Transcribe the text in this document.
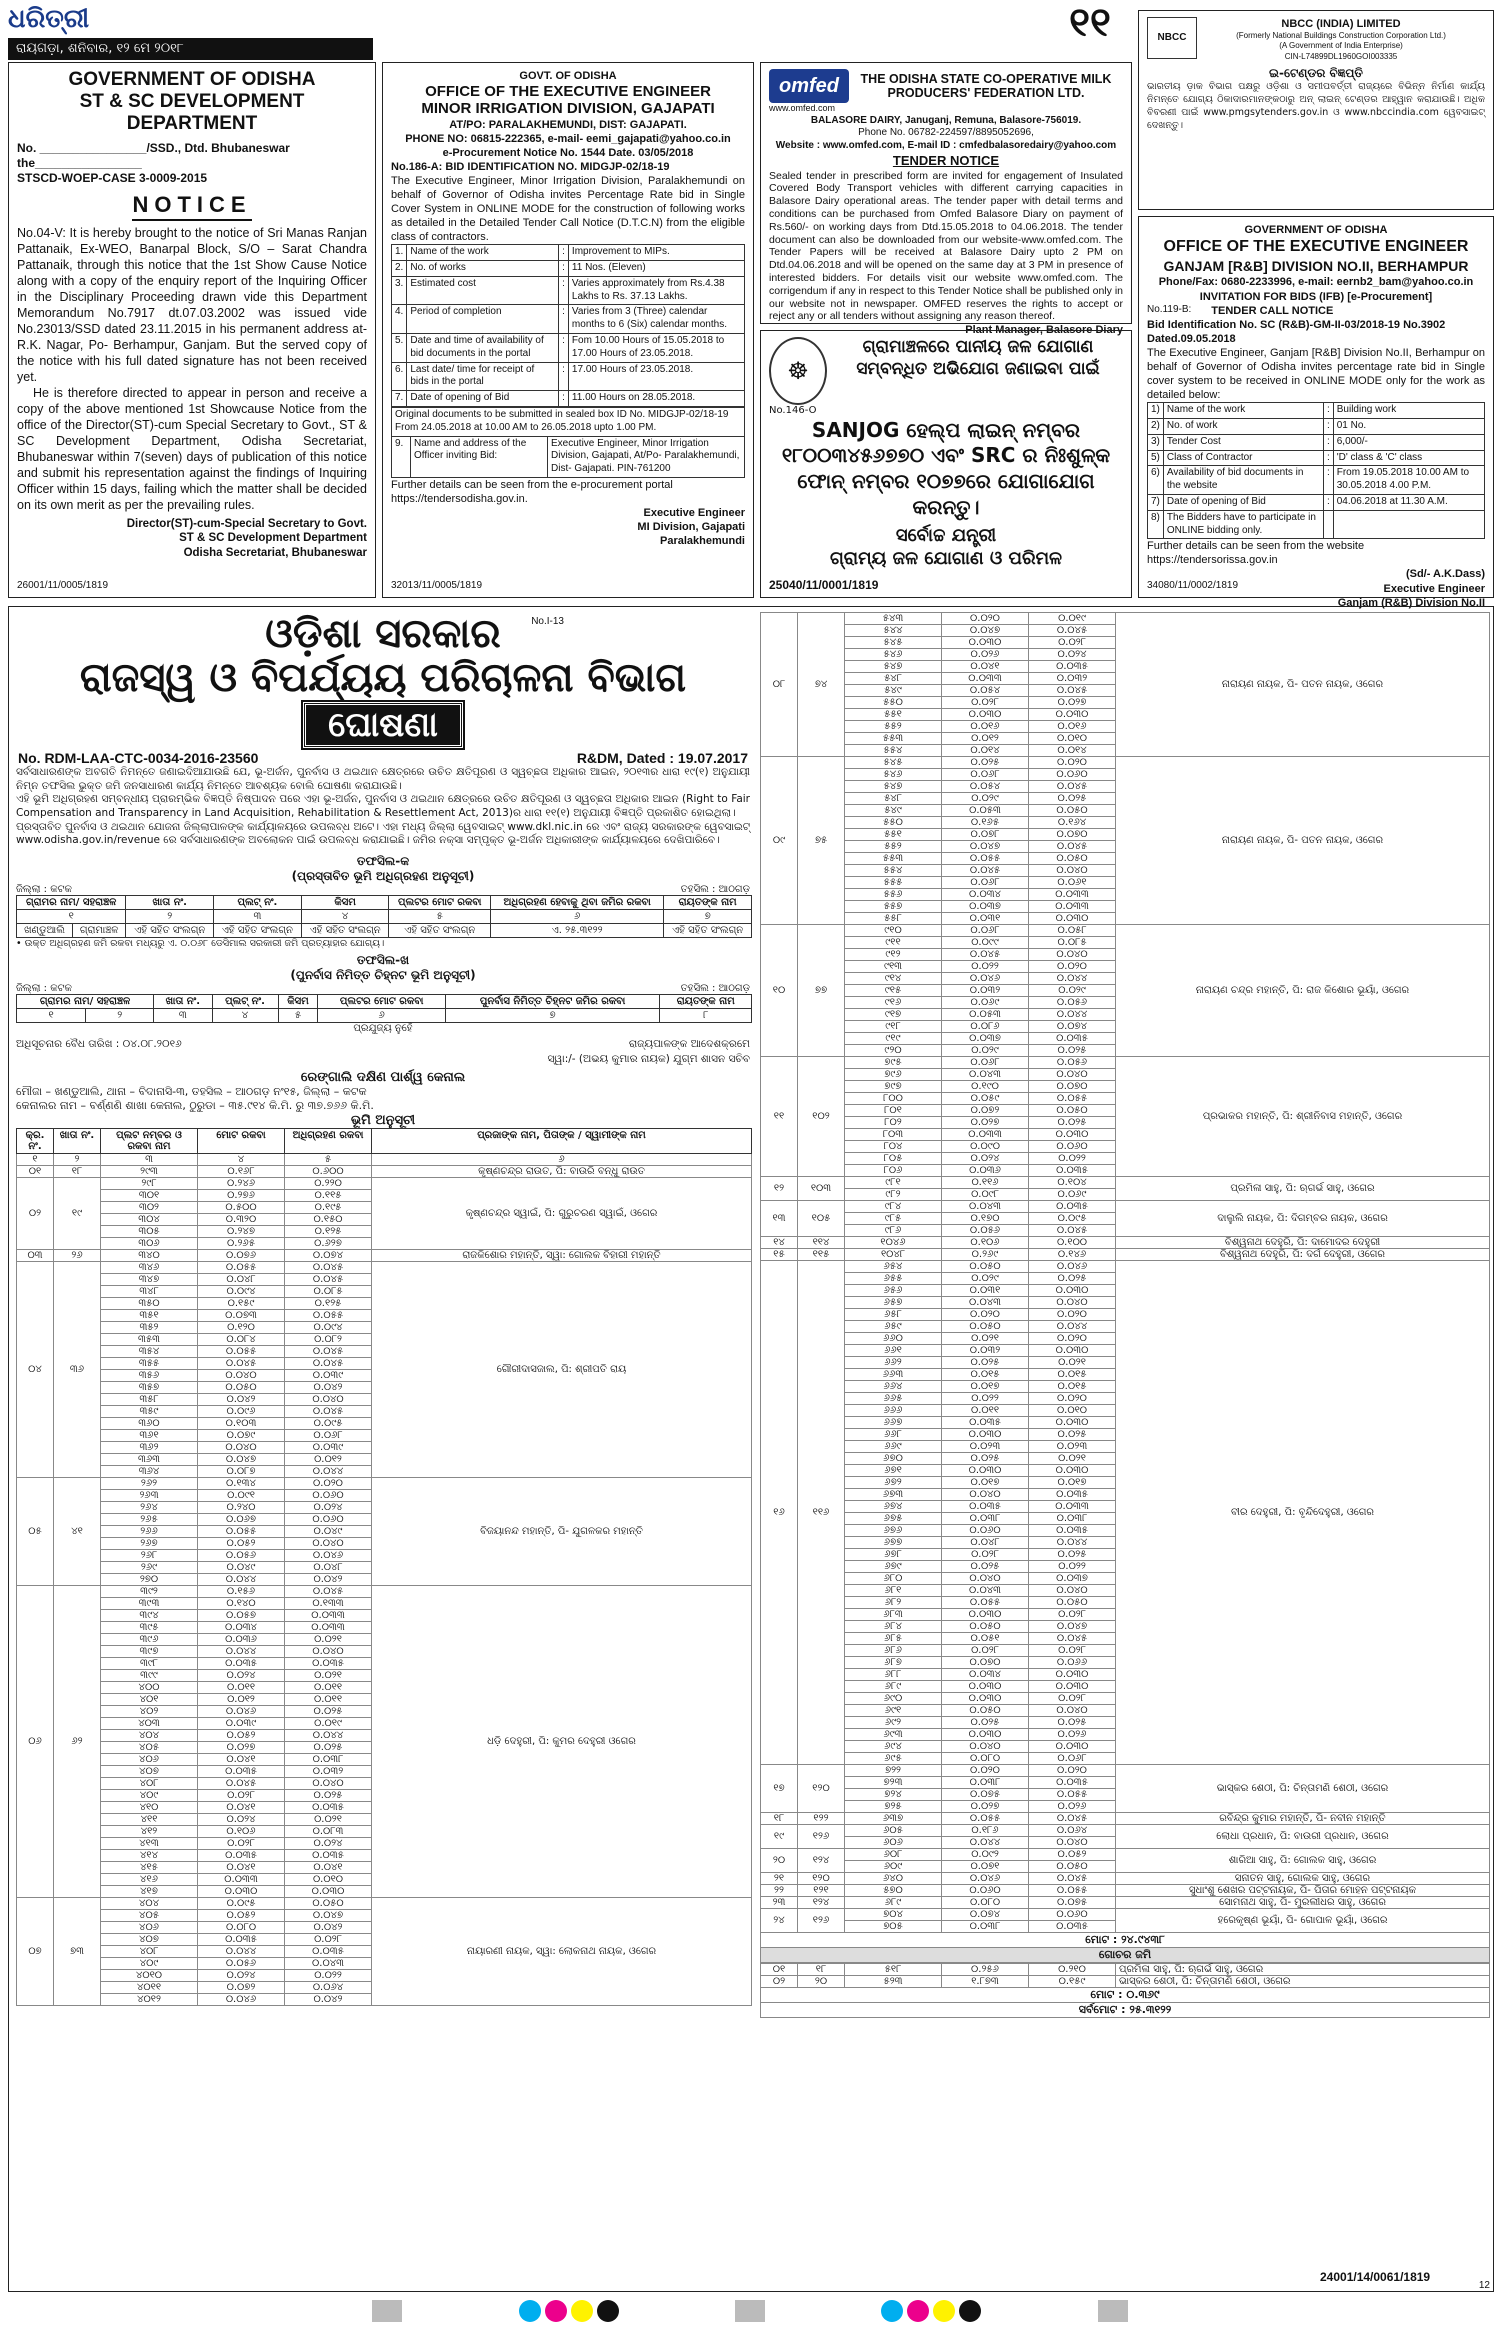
ଧରିତ୍ରୀ
ରାୟଗଡ଼ା, ଶନିବାର, ୧୨ ମେ ୨୦୧୮
୧୧
GOVERNMENT OF ODISHA
ST & SC DEVELOPMENT DEPARTMENT
No. ________________/SSD., Dtd. Bhubaneswar
the________________
STSCD-WOEP-CASE 3-0009-2015
NOTICE
No.04-V: It is hereby brought to the notice of Sri Manas Ranjan Pattanaik, Ex-WEO, Banarpal Block, S/O – Sarat Chandra Pattanaik, through this notice that the 1st Show Cause Notice along with a copy of the enquiry report of the Inquiring Officer in the Disciplinary Proceeding drawn vide this Department Memorandum No.7917 dt.07.03.2002 was issued vide No.23013/SSD dated 23.11.2015 in his permanent address at- R.K. Nagar, Po- Berhampur, Ganjam. But the served copy of the notice with his full dated signature has not been received yet.
He is therefore directed to appear in person and receive a copy of the above mentioned 1st Showcause Notice from the office of the Director(ST)-cum Special Secretary to Govt., ST & SC Development Department, Odisha Secretariat, Bhubaneswar within 7(seven) days of publication of this notice and submit his representation against the findings of Inquiring Officer within 15 days, failing which the matter shall be decided on its own merit as per the prevailing rules.
Director(ST)-cum-Special Secretary to Govt.
ST & SC Development Department
Odisha Secretariat, Bhubaneswar
26001/11/0005/1819
GOVT. OF ODISHA
OFFICE OF THE EXECUTIVE ENGINEER
MINOR IRRIGATION DIVISION, GAJAPATI
AT/PO: PARALAKHEMUNDI, DIST: GAJAPATI.
PHONE NO: 06815-222365, e-mail- eemi_gajapati@yahoo.co.in
e-Procurement Notice No. 1544 Date. 03/05/2018
No.186-A: BID IDENTIFICATION NO. MIDGJP-02/18-19
The Executive Engineer, Minor Irrigation Division, Paralakhemundi on behalf of Governor of Odisha invites Percentage Rate bid in Single Cover System in ONLINE MODE for the construction of following works as detailed in the Detailed Tender Call Notice (D.T.C.N) from the eligible class of contractors.
1.	Name of the work	:	Improvement to MIPs.
2.	No. of works	:	11 Nos. (Eleven)
3.	Estimated cost	:	Varies approximately from Rs.4.38 Lakhs to Rs. 37.13 Lakhs.
4.	Period of completion	:	Varies from 3 (Three) calendar months to 6 (Six) calendar months.
5.	Date and time of availability of bid documents in the portal	:	Fom 10.00 Hours of 15.05.2018 to 17.00 Hours of 23.05.2018.
6.	Last date/ time for receipt of bids in the portal	:	17.00 Hours of 23.05.2018.
7.	Date of opening of Bid	:	11.00 Hours on 28.05.2018.
Original documents to be submitted in sealed box ID No. MIDGJP-02/18-19 From 24.05.2018 at 10.00 AM to 26.05.2018 upto 1.00 PM.
9.	Name and address of the Officer inviting Bid:	Executive Engineer, Minor Irrigation Division, Gajapati, At/Po- Paralakhemundi, Dist- Gajapati. PIN-761200
Further details can be seen from the e-procurement portal https://tendersodisha.gov.in.
Executive Engineer
MI Division, Gajapati
Paralakhemundi
32013/11/0005/1819
omfed	THE ODISHA STATE CO-OPERATIVE MILK PRODUCERS' FEDERATION LTD.
www.omfed.com
BALASORE DAIRY, Januganj, Remuna, Balasore-756019.
Phone No. 06782-224597/8895052696,
Website : www.omfed.com, E-mail ID : cmfedbalasoredairy@yahoo.com
TENDER NOTICE
Sealed tender in prescribed form are invited for engagement of Insulated Covered Body Transport vehicles with different carrying capacities in Balasore Dairy operational areas. The tender paper with detail terms and conditions can be purchased from Omfed Balasore Diary on payment of Rs.560/- on working days from Dtd.15.05.2018 to 04.06.2018. The tender document can also be downloaded from our website-www.omfed.com. The Tender Papers will be received at Balasore Dairy upto 2 PM on Dtd.04.06.2018 and will be opened on the same day at 3 PM in presence of interested bidders. For details visit our website www.omfed.com. The corrigendum if any in respect to this Tender Notice shall be published only in our website not in newspaper. OMFED reserves the rights to accept or reject any or all tenders without assigning any reason thereof.
Plant Manager, Balasore Diary
☸
ଗ୍ରାମାଞ୍ଚଳରେ ପାନୀୟ ଜଳ ଯୋଗାଣ
ସମ୍ବନ୍ଧିତ ଅଭିଯୋଗ ଜଣାଇବା ପାଇଁ
No.146-O
SANJOG ହେଲ୍ପ ଲାଇନ୍ ନମ୍ବର
୧୮୦୦୩୪୫୬୭୭୦ ଏବଂ SRC ର ନିଃଶୁଳ୍କ
ଫୋନ୍ ନମ୍ବର ୧୦୭୭ରେ ଯୋଗାଯୋଗ କରନ୍ତୁ।
ସର୍ବୋଚ୍ଚ ଯନ୍ତ୍ରୀ
ଗ୍ରାମ୍ୟ ଜଳ ଯୋଗାଣ ଓ ପରିମଳ
25040/11/0001/1819
NBCC
NBCC (INDIA) LIMITED
(Formerly National Buildings Construction Corporation Ltd.)
(A Government of India Enterprise)
CIN-L74899DL1960GOI003335
ଇ-ଟେଣ୍ଡର ବିଜ୍ଞପ୍ତି
ଭାରତୀୟ ଡ଼ାକ ବିଭାଗ ପକ୍ଷରୁ ଓଡ଼ିଶା ଓ ସମୀପବର୍ତ୍ତୀ ରାଜ୍ୟରେ ବିଭିନ୍ନ ନିର୍ମାଣ କାର୍ଯ୍ୟ ନିମନ୍ତେ ଯୋଗ୍ୟ ଠିକାଦାରମାନଙ୍କଠାରୁ ଅନ୍ ଲାଇନ୍ ଟେଣ୍ଡର ଆହ୍ୱାନ କରାଯାଉଛି। ଅଧିକ ବିବରଣୀ ପାଇଁ www.pmgsytenders.gov.in ଓ www.nbccindia.com ୱେବସାଇଟ୍ ଦେଖନ୍ତୁ।
GOVERNMENT OF ODISHA
OFFICE OF THE EXECUTIVE ENGINEER
GANJAM [R&B] DIVISION NO.II, BERHAMPUR
Phone/Fax: 0680-2233996, e-mail: eernb2_bam@yahoo.co.in
INVITATION FOR BIDS (IFB) [e-Procurement]
No.119-B: TENDER CALL NOTICE
Bid Identification No. SC (R&B)-GM-II-03/2018-19 No.3902 Dated.09.05.2018
The Executive Engineer, Ganjam [R&B] Division No.II, Berhampur on behalf of Governor of Odisha invites percentage rate bid in Single cover system to be received in ONLINE MODE only for the work as detailed below:
1)	Name of the work	:	Building work
2)	No. of work	:	01 No.
3)	Tender Cost	:	6,000/-
5)	Class of Contractor	:	'D' class & 'C' class
6)	Availability of bid documents in the website	:	From 19.05.2018 10.00 AM to 30.05.2018 4.00 P.M.
7)	Date of opening of Bid	:	04.06.2018 at 11.30 A.M.
8)	The Bidders have to participate in ONLINE bidding only.		
Further details can be seen from the website https://tendersorissa.gov.in
(Sd/- A.K.Dass)
Executive Engineer
Ganjam (R&B) Division No.II
34080/11/0002/1819
ଓଡ଼ିଶା ସରକାର	No.I-13
ରାଜସ୍ୱ ଓ ବିପର୍ଯ୍ୟୟ ପରିଚାଳନା ବିଭାଗ
ଘୋଷଣା
No. RDM-LAA-CTC-0034-2016-23560	R&DM, Dated : 19.07.2017
ସର୍ବସାଧାରଣଙ୍କ ଅବଗତି ନିମନ୍ତେ ଜଣାଇଦିଆଯାଉଛି ଯେ, ଭୂ-ଅର୍ଜନ, ପୁନର୍ବାସ ଓ ଥଇଥାନ କ୍ଷେତ୍ରରେ ଉଚିତ କ୍ଷତିପୂରଣ ଓ ସ୍ୱଚ୍ଛତା ଅଧିକାର ଆଇନ, ୨୦୧୩ର ଧାରା ୧୯(୧) ଅନୁଯାୟୀ ନିମ୍ନ ତଫସିଲ ଭୁକ୍ତ ଜମି ଜନସାଧାରଣ କାର୍ଯ୍ୟ ନିମନ୍ତେ ଆବଶ୍ୟକ ବୋଲି ଘୋଷଣା କରାଯାଉଛି।
ଏହି ଭୂମି ଅଧିଗ୍ରହଣ ସମ୍ବନ୍ଧୀୟ ପ୍ରାରମ୍ଭିକ ବିଜ୍ଞପ୍ତି ନିଷ୍ପାଦନ ପରେ ଏହା ଭୂ-ଅର୍ଜନ, ପୁନର୍ବାସ ଓ ଥଇଥାନ କ୍ଷେତ୍ରରେ ଉଚିତ କ୍ଷତିପୂରଣ ଓ ସ୍ୱଚ୍ଛତା ଅଧିକାର ଆଇନ (Right to Fair Compensation and Transparency in Land Acquisition, Rehabilitation & Resettlement Act, 2013)ର ଧାରା ୧୧(୧) ଅନୁଯାୟୀ ବିଜ୍ଞପ୍ତି ପ୍ରକାଶିତ ହୋଇଥିଲା।
ପ୍ରସ୍ତାବିତ ପୁନର୍ବାସ ଓ ଥଇଥାନ ଯୋଜନା ଜିଲ୍ଲାପାଳଙ୍କ କାର୍ଯ୍ୟାଳୟରେ ଉପଲବ୍ଧ ଅଟେ। ଏହା ମଧ୍ୟ ଜିଲ୍ଲା ୱେବସାଇଟ୍ www.dkl.nic.in ରେ ଏବଂ ରାଜ୍ୟ ସରକାରଙ୍କ ୱେବସାଇଟ୍ www.odisha.gov.in/revenue ରେ ସର୍ବସାଧାରଣଙ୍କ ଅବଲୋକନ ପାଇଁ ଉପଲବ୍ଧ କରାଯାଇଛି। ଜମିର ନକ୍ସା ସମ୍ପୃକ୍ତ ଭୂ-ଅର୍ଜନ ଅଧିକାରୀଙ୍କ କାର୍ଯ୍ୟାଳୟରେ ଦେଖିପାରିବେ।
ତଫସିଲ-କ
(ପ୍ରସ୍ତାବିତ ଭୂମି ଅଧିଗ୍ରହଣ ଅନୁସୂଚୀ)
ଜିଲ୍ଲା : କଟକ	ତହସିଲ : ଆଠଗଡ଼
ଗ୍ରାମର ନାମ/ ସହରାଞ୍ଚଳ		ଖାତା ନଂ.	ପ୍ଲଟ୍ ନଂ.	କିସମ	ପ୍ଲଟର ମୋଟ ରକବା	ଅଧିଗ୍ରହଣ ହେବାକୁ ଥିବା ଜମିର ରକବା	ରାୟତଙ୍କ ନାମ
୧		୨	୩	୪	୫	୬	୭
ଖଣ୍ଡୁଆଲି	ଗ୍ରାମାଞ୍ଚଳ	ଏହି ସହିତ ସଂଲଗ୍ନ	ଏହି ସହିତ ସଂଲଗ୍ନ	ଏହି ସହିତ ସଂଲଗ୍ନ	ଏହି ସହିତ ସଂଲଗ୍ନ	ଏ. ୨୫.୩୧୨୨	ଏହି ସହିତ ସଂଲଗ୍ନ
• ଉକ୍ତ ଅଧିଗ୍ରହଣ ଜମି ରକବା ମଧ୍ୟରୁ ଏ. ୦.୦୬୮ ଡେସିମାଲ ସରକାରୀ ଜମି ପ୍ରତ୍ୟାହାର ଯୋଗ୍ୟ।
ତଫସିଲ-ଖ
(ପୁନର୍ବାସ ନିମିତ୍ତ ଚିହ୍ନଟ ଭୂମି ଅନୁସୂଚୀ)
ଜିଲ୍ଲା : କଟକ	ତହସିଲ : ଆଠଗଡ଼
ଗ୍ରାମର ନାମ/ ସହରାଞ୍ଚଳ		ଖାତା ନଂ.	ପ୍ଲଟ୍ ନଂ.	କିସମ	ପ୍ଲଟର ମୋଟ ରକବା	ପୁନର୍ବାସ ନିମିତ୍ତ ଚିହ୍ନଟ ଜମିର ରକବା	ରାୟତଙ୍କ ନାମ
୧	୨	୩	୪	୫	୬	୭	୮
ପ୍ରଯୁଜ୍ୟ ନୁହେଁ
ଅଧିସୂଚନାର ବୈଧ ତାରିଖ : ୦୪.୦୮.୨୦୧୬	ରାଜ୍ୟପାଳଙ୍କ ଆଦେଶକ୍ରମେ
ସ୍ୱା:/- (ଅଭୟ କୁମାର ନାୟକ) ଯୁଗ୍ମ ଶାସନ ସଚିବ
ରେଙ୍ଗାଲି ଦକ୍ଷିଣ ପାର୍ଶ୍ୱ କେନାଲ
ମୌଜା – ଖଣ୍ଡୁଆଲି, ଥାନା – ବିଦାନାସି-୩, ତହସିଲ – ଆଠଗଡ଼ ନଂ୧୫, ଜିଲ୍ଲା – କଟକ
କେନାଲର ନାମ – ବର୍ଣ୍ଣଣି ଶାଖା କେନାଲ, ଠୁରୁଡା – ୩୫.୯୧୪ କି.ମି. ରୁ ୩୭.୭୬୬ କି.ମି.
ଭୂମି ଅନୁସୂଚୀ
କ୍ର. ନଂ.	ଖାତା ନଂ.	ପ୍ଲଟ ନମ୍ବର ଓ ରକବା ନାମ	ମୋଟ ରକବା	ଅଧିଗ୍ରହଣ ରକବା	ପ୍ରଜାଙ୍କ ନାମ, ପିତାଙ୍କ / ସ୍ୱାମୀଙ୍କ ନାମ
୧	୨	୩	୪	୫	୬
୦୧	୧୮	୨୯୩	୦.୧୬୮	୦.୬୦୦	କୃଷ୍ଣଚନ୍ଦ୍ର ରାଉତ, ପି: ବାଉରି ବନ୍ଧୁ ରାଉତ
୦୨	୧୯	୨୯୮	୦.୨୪୬	୦.୨୨୦	କୃଷ୍ଣଚନ୍ଦ୍ର ସ୍ୱାଇଁ, ପି: ଗୁରୁଚରଣ ସ୍ୱାଇଁ, ଓଗେର
		୩୦୧	୦.୨୭୬	୦.୧୧୫	
		୩୦୨	୦.୫୦୦	୦.୧୯୫	
		୩୦୪	୦.୩୨୦	୦.୧୫୦	
		୩୦୫	୦.୨୪୭	୦.୧୨୫	
		୩୦୬	୦.୨୬୫	୦.୬୨୭	
୦୩	୨୬	୩୪୦	୦.୦୭୬	୦.୦୭୪	ରାଜକିଶୋର ମହାନ୍ତି, ସ୍ୱା: ଗୋଲକ ବିହାରୀ ମହାନ୍ତି
୦୪	୩୬	୩୪୬	୦.୦୫୫	୦.୦୪୫	ଗୌରୀଦାସଜାଲ, ପି: ଶ୍ରୀପତି ରାୟ
		୩୪୭	୦.୦୪୮	୦.୦୪୫	
		୩୪୮	୦.୦୯୪	୦.୦୮୫	
		୩୫୦	୦.୧୫୯	୦.୧୨୫	
		୩୫୧	୦.୦୭୩	୦.୦୫୫	
		୩୫୨	୦.୧୨୦	୦.୦୯୪	
		୩୫୩	୦.୦୮୪	୦.୦୮୨	
		୩୫୪	୦.୦୫୫	୦.୦୪୫	
		୩୫୫	୦.୦୪୫	୦.୦୪୫	
		୩୫୬	୦.୦୪୦	୦.୦୩୯	
		୩୫୭	୦.୦୫୦	୦.୦୪୨	
		୩୫୮	୦.୦୪୨	୦.୦୪୦	
		୩୫୯	୦.୦୯୬	୦.୦୪୫	
		୩୬୦	୦.୧୦୩	୦.୦୯୫	
		୩୬୧	୦.୦୭୯	୦.୦୬୮	
		୩୬୨	୦.୦୪୦	୦.୦୩୯	
		୩୬୩	୦.୦୪୭	୦.୦୧୨	
		୩୬୪	୦.୦୮୭	୦.୦୪୪	
୦୫	୪୧	୨୬୨	୦.୧୩୪	୦.୦୨୦	ବିଜୟାନନ୍ଦ ମହାନ୍ତି, ପି- ଯୁଗଳକର ମହାନ୍ତି
		୨୬୩	୦.୦୯୧	୦.୦୬୦	
		୨୬୪	୦.୨୪୦	୦.୦୨୪	
		୨୬୫	୦.୦୬୭	୦.୦୬୦	
		୨୬୬	୦.୦୫୫	୦.୦୪୯	
		୨୬୭	୦.୦୫୨	୦.୦୪୦	
		୨୬୮	୦.୦୫୬	୦.୦୪୬	
		୨୬୯	୦.୦୪୯	୦.୦୪୮	
		୨୭୦	୦.୦୪୪	୦.୦୪୨	
୦୬	୬୨	୩୯୨	୦.୧୫୬	୦.୦୪୫	ଧଡ଼ି ଦେହୁରୀ, ପି: କୁମର ଦେହୁରୀ ଓଗେର
		୩୯୩	୦.୧୪୦	୦.୧୩୩	
		୩୯୪	୦.୦୫୭	୦.୦୩୩	
		୩୯୫	୦.୦୩୪	୦.୦୩୩	
		୩୯୬	୦.୦୩୬	୦.୦୨୧	
		୩୯୭	୦.୦୪୪	୦.୦୪୦	
		୩୯୮	୦.୦୩୫	୦.୦୩୫	
		୩୯୯	୦.୦୨୪	୦.୦୨୧	
		୪୦୦	୦.୦୧୧	୦.୦୧୧	
		୪୦୧	୦.୦୧୨	୦.୦୧୧	
		୪୦୨	୦.୦୪୬	୦.୦୨୫	
		୪୦୩	୦.୦୩୯	୦.୦୧୯	
		୪୦୪	୦.୦୫୨	୦.୦୪୪	
		୪୦୫	୦.୦୨୭	୦.୦୨୫	
		୪୦୬	୦.୦୪୧	୦.୦୩୮	
		୪୦୭	୦.୦୩୫	୦.୦୩୨	
		୪୦୮	୦.୦୪୫	୦.୦୪୦	
		୪୦୯	୦.୦୨୮	୦.୦୨୫	
		୪୧୦	୦.୦୪୧	୦.୦୩୫	
		୪୧୧	୦.୦୨୪	୦.୦୨୧	
		୪୧୨	୦.୧୦୬	୦.୦୮୩	
		୪୧୩	୦.୦୨୮	୦.୦୨୪	
		୪୧୪	୦.୦୩୫	୦.୦୩୫	
		୪୧୫	୦.୦୪୧	୦.୦୪୧	
		୪୧୬	୦.୦୩୩	୦.୦୧୦	
		୪୧୭	୦.୦୩୦	୦.୦୩୦	
୦୭	୭୩	୪୦୪	୦.୦୯୫	୦.୦୫୦	ନାୟାରଣୀ ନାୟକ, ସ୍ୱା: ଲୋକନାଥ ନାୟକ, ଓଗେର
		୪୦୫	୦.୦୫୨	୦.୦୪୭	
		୪୦୬	୦.୦୮୦	୦.୦୪୨	
		୪୦୭	୦.୦୩୫	୦.୦୨୮	
		୪୦୮	୦.୦୪୪	୦.୦୩୫	
		୪୦୯	୦.୦୫୬	୦.୦୪୩	
		୪୦୧୦	୦.୦୨୪	୦.୦୨୨	
		୪୦୧୧	୦.୦୭୨	୦.୦୬୪	
		୪୦୧୨	୦.୦୪୬	୦.୦୪୨	
୦୮	୭୪	୫୪୩	୦.୦୨୦	୦.୦୧୯	ନାରାୟଣ ନାୟକ, ପି- ପତନ ନାୟକ, ଓଗେର
		୫୪୪	୦.୦୪୭	୦.୦୪୫	
		୫୪୫	୦.୦୩୦	୦.୦୨୮	
		୫୪୬	୦.୦୨୬	୦.୦୨୪	
		୫୪୭	୦.୦୪୧	୦.୦୩୫	
		୫୪୮	୦.୦୩୩	୦.୦୩୨	
		୫୪୯	୦.୦୫୪	୦.୦୪୫	
		୫୫୦	୦.୦୨୮	୦.୦୨୭	
		୫୫୧	୦.୦୩୦	୦.୦୩୦	
		୫୫୨	୦.୦୧୬	୦.୦୧୬	
		୫୫୩	୦.୦୧୨	୦.୦୧୦	
		୫୫୪	୦.୦୧୪	୦.୦୧୪	
୦୯	୭୫	୫୪୫	୦.୦୨୫	୦.୦୨୦	ନାରାୟଣ ନାୟକ, ପି- ପତନ ନାୟକ, ଓଗେର
		୫୪୬	୦.୦୬୮	୦.୦୬୦	
		୫୪୭	୦.୦୫୪	୦.୦୪୫	
		୫୪୮	୦.୦୨୯	୦.୦୨୫	
		୫୪୯	୦.୦୫୩	୦.୦୫୦	
		୫୫୦	୦.୧୬୫	୦.୧୬୪	
		୫୫୧	୦.୦୭୮	୦.୦୭୦	
		୫୫୨	୦.୦୪୭	୦.୦୪୫	
		୫୫୩	୦.୦୫୫	୦.୦୫୦	
		୫୫୪	୦.୦୪୫	୦.୦୪୦	
		୫୫୫	୦.୦୬୮	୦.୦୬୧	
		୫୫୬	୦.୦୩୪	୦.୦୩୩	
		୫୫୭	୦.୦୩୭	୦.୦୩୩	
		୫୫୮	୦.୦୩୧	୦.୦୩୦	
୧୦	୭୭	୯୧୦	୦.୦୬୮	୦.୦୫୮	ନାରାୟଣ ଚନ୍ଦ୍ର ମହାନ୍ତି, ପି: ରାଜ କିଶୋର ଭୂୟାଁ, ଓଗେର
		୯୧୧	୦.୦୯୯	୦.୦୮୫	
		୯୧୨	୦.୦୪୫	୦.୦୪୦	
		୯୧୩	୦.୦୨୨	୦.୦୨୦	
		୯୧୪	୦.୦୪୬	୦.୦୪୪	
		୯୧୫	୦.୦୩୨	୦.୦୨୯	
		୯୧୬	୦.୦୬୯	୦.୦୫୬	
		୯୧୭	୦.୦୫୩	୦.୦୪୪	
		୯୧୮	୦.୦୮୬	୦.୦୭୪	
		୯୧୯	୦.୦୩୭	୦.୦୩୫	
		୯୨୦	୦.୦୨୯	୦.୦୨୫	
୧୧	୧୦୨	୭୯୫	୦.୦୬୮	୦.୦୫୬	ପ୍ରଭାକର ମହାନ୍ତି, ପି: ଶ୍ରୀନିବାସ ମହାନ୍ତି, ଓଗେର
		୭୯୬	୦.୦୪୩	୦.୦୪୦	
		୭୯୭	୦.୧୯୦	୦.୦୭୦	
		୮୦୦	୦.୦୫୯	୦.୦୫୫	
		୮୦୧	୦.୦୭୨	୦.୦୫୦	
		୮୦୨	୦.୦୨୭	୦.୦୨୫	
		୮୦୩	୦.୦୩୩	୦.୦୩୦	
		୮୦୪	୦.୦୯୦	୦.୦୬୦	
		୮୦୫	୦.୦୨୪	୦.୦୨୨	
		୮୦୬	୦.୦୩୬	୦.୦୩୫	
୧୨	୧୦୩	୯୮୧	୦.୧୧୬	୦.୧୦୪	ପ୍ରମିଳା ସାହୁ, ପି: ଋଗର୍ଭ ସାହୁ, ଓଗେର
		୯୮୨	୦.୦୯୮	୦.୦୬୯	
୧୩	୧୦୫	୯୮୪	୦.୦୪୩	୦.୦୩୫	ଦାଲୁଲି ନାୟକ, ପି: ଦିଗମ୍ବର ନାୟକ, ଓଗେର
		୯୮୫	୦.୧୭୦	୦.୦୯୫	
		୯୮୬	୦.୦୫୬	୦.୦୪୫	
୧୪	୧୧୪	୧୦୪୬	୦.୧୦୬	୦.୧୦୦	ବିଶ୍ୱନାଥ ଦେହୁରି, ପି: ଦାମୋଦର ଦେହୁରୀ
୧୫	୧୧୫	୧୦୪୮	୦.୨୬୯	୦.୧୪୬	ବିଶ୍ୱନାଥ ଦେହୁରି, ପି: ଦର୍ଗ ଦେହୁରୀ, ଓଗେର
୧୬	୧୧୬	୬୫୪	୦.୦୫୦	୦.୦୪୬	ବୀର ଦେହୁରୀ, ପି: ବୃନ୍ଦିଦେହୁରୀ, ଓଗେର
		୬୫୫	୦.୦୨୯	୦.୦୨୫	
		୬୫୬	୦.୦୩୧	୦.୦୩୦	
		୬୫୭	୦.୦୪୩	୦.୦୪୦	
		୬୫୮	୦.୦୨୦	୦.୦୨୦	
		୬୫୯	୦.୦୫୦	୦.୦୪୪	
		୬୬୦	୦.୦୨୧	୦.୦୨୦	
		୬୬୧	୦.୦୩୨	୦.୦୩୦	
		୬୬୨	୦.୦୨୫	୦.୦୨୧	
		୬୬୩	୦.୦୧୫	୦.୦୧୫	
		୬୬୪	୦.୦୧୭	୦.୦୧୫	
		୬୬୫	୦.୦୨୨	୦.୦୨୦	
		୬୬୬	୦.୦୧୧	୦.୦୧୦	
		୬୬୭	୦.୦୩୫	୦.୦୩୦	
		୬୬୮	୦.୦୩୦	୦.୦୨୫	
		୬୬୯	୦.୦୨୩	୦.୦୨୩	
		୬୭୦	୦.୦୨୫	୦.୦୨୧	
		୬୭୧	୦.୦୩୦	୦.୦୩୦	
		୬୭୨	୦.୦୧୭	୦.୦୧୭	
		୬୭୩	୦.୦୪୦	୦.୦୩୫	
		୬୭୪	୦.୦୩୫	୦.୦୩୩	
		୬୭୫	୦.୦୩୮	୦.୦୩୮	
		୬୭୬	୦.୦୬୦	୦.୦୩୫	
		୬୭୭	୦.୦୪୮	୦.୦୪୪	
		୬୭୮	୦.୦୨୮	୦.୦୨୫	
		୬୭୯	୦.୦୨୫	୦.୦୨୨	
		୬୮୦	୦.୦୪୦	୦.୦୩୭	
		୬୮୧	୦.୦୪୩	୦.୦୪୦	
		୬୮୨	୦.୦୫୫	୦.୦୫୦	
		୬୮୩	୦.୦୩୦	୦.୦୨୮	
		୬୮୪	୦.୦୫୦	୦.୦୪୭	
		୬୮୫	୦.୦୫୧	୦.୦୪୫	
		୬୮୬	୦.୦୨୮	୦.୦୨୮	
		୬୮୭	୦.୦୭୦	୦.୦୬୬	
		୬୮୮	୦.୦୩୪	୦.୦୩୦	
		୬୮୯	୦.୦୩୦	୦.୦୩୦	
		୬୯୦	୦.୦୩୦	୦.୦୨୮	
		୬୯୧	୦.୦୫୦	୦.୦୪୦	
		୬୯୨	୦.୦୨୫	୦.୦୨୫	
		୬୯୩	୦.୦୩୦	୦.୦୨୬	
		୬୯୪	୦.୦୪୦	୦.୦୩୦	
		୬୯୫	୦.୦୮୦	୦.୦୬୮	
୧୭	୧୨୦	୭୨୨	୦.୦୨୦	୦.୦୨୦	ଭାସ୍କର ଶେଠୀ, ପି: ଚିନ୍ତାମଣି ଶେଠୀ, ଓଗେର
		୭୨୩	୦.୦୩୮	୦.୦୩୫	
		୭୨୪	୦.୦୭୫	୦.୦୫୫	
		୭୨୫	୦.୦୨୭	୦.୦୨୬	
୧୮	୧୨୨	୬୩୭	୦.୦୫୫	୦.୦୪୫	ରବିନ୍ଦ୍ର କୁମାର ମହାନ୍ତି, ପି- ନବୀନ ମହାନ୍ତି
୧୯	୧୨୬	୬୦୫	୦.୧୮୬	୦.୦୬୪	ଲୋଧା ପ୍ରଧାନ, ପି: ବାଉରୀ ପ୍ରଧାନ, ଓଗେର
		୬୦୬	୦.୦୪୪	୦.୦୪୦	
୨୦	୧୨୪	୬୦୮	୦.୦୯୨	୦.୦୫୨	ଶାରିଆ ସାହୁ, ପି: ଗୋଲକ ସାହୁ, ଓଗେର
		୬୦୯	୦.୦୭୧	୦.୦୫୦	
୨୧	୧୨୦	୬୪୦	୦.୦୪୬	୦.୦୪୫	ସନାତନ ସାହୁ, ଗୋଲକ ସାହୁ, ଓଗେର
୨୨	୧୨୧	୫୭୦	୦.୦୬୦	୦.୦୫୫	ସୁଧାଂଶୁ ଶେଖର ପଟ୍ଟନାୟକ, ପି- ପିତାର ମୋହନ ପଟ୍ଟନାୟକ
୨୩	୧୨୪	୬୮୯	୦.୦୮୦	୦.୦୭୫	ସୋମନାଥ ସାହୁ, ପି- ମୁରଲୀଧର ସାହୁ, ଓଗେର
୨୪	୧୨୬	୭୦୪	୦.୦୭୪	୦.୦୬୦	ହରେକୃଷ୍ଣ ଭୂୟାଁ, ପି- ଗୋପାଳ ଭୂୟାଁ, ଓଗେର
		୭୦୫	୦.୦୩୮	୦.୦୩୫	
ମୋଟ : ୨୪.୯୪୩୮
ଗୋଚର ଜମି
୦୧	୧୮	୫୧୮	୦.୨୫୬	୦.୨୧୦	ପ୍ରମିଳା ସାହୁ, ପି: ଋଗର୍ଭ ସାହୁ, ଓଗେର
୦୨	୨୦	୫୨୩	୧.୮୭୩	୦.୧୫୯	ଭାସ୍କର ଶେଠୀ, ପି: ଚିନ୍ତାମଣି ଶେଠୀ, ଓଗେର
ମୋଟ : ୦.୩୬୯
ସର୍ବମୋଟ : ୨୫.୩୧୨୨
24001/14/0061/1819

12
